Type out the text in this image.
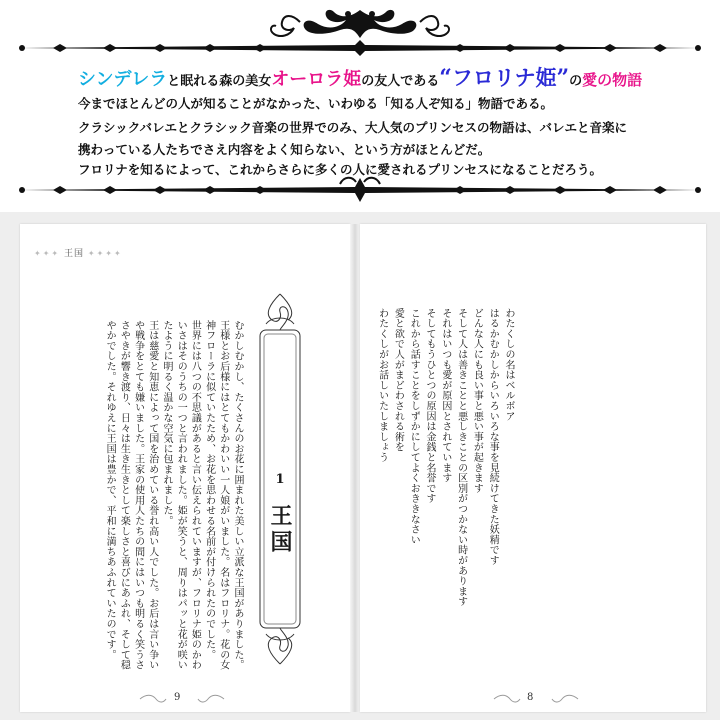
シンデレラと眠れる森の美女オーロラ姫の友人である“フロリナ姫”の愛の物語
今までほとんどの人が知ることがなかった、いわゆる「知る人ぞ知る」物語である。
クラシックバレエとクラシック音楽の世界でのみ、大人気のプリンセスの物語は、バレエと音楽に
携わっている人たちでさえ内容をよく知らない、という方がほとんどだ。
フロリナを知るによって、これからさらに多くの人に愛されるプリンセスになることだろう。
✦✦✦ 王国 ✦✦✦✦
むかしむかし、たくさんのお花に囲まれた美しい立派な王国がありました。王様とお后様にはとてもかわいい一人娘がいました。名はフロリナ。花の女神フローラに似ていたため、お花を思わせる名前が付けられたのでした。
世界には八つの不思議があると言い伝えられていますが、フロリナ姫のかわいさはそのうちの一つと言われました。姫が笑うと、周りはパッと花が咲いたように明るく温かな空気に包まれました。
王は慈愛と知恵によって国を治めている誉れ高い人でした。お后は言い争いや戦争をとても嫌いました。王家の使用人たちの間にはいつも明るく笑うささやきが響き渡り、日々は生き生きとして楽しさと喜びにあふれ、そして穏やかでした。それゆえに王国は豊かで、平和に満ちあふれていたのです。	1
王国
9
わたくしの名はベルボア
はるかむかしからいろいろな事を見続けてきた妖精です
どんな人にも良い事と悪い事が起きます
そして人は善きことと悪しきことの区別がつかない時があります
それはいつも愛が原因とされています
そしてもうひとつの原因は金銭と名誉です
これから話すことをしずかにしてよくおききなさい
愛と欲で人がまどわされる術を
わたくしがお話しいたしましょう
8
